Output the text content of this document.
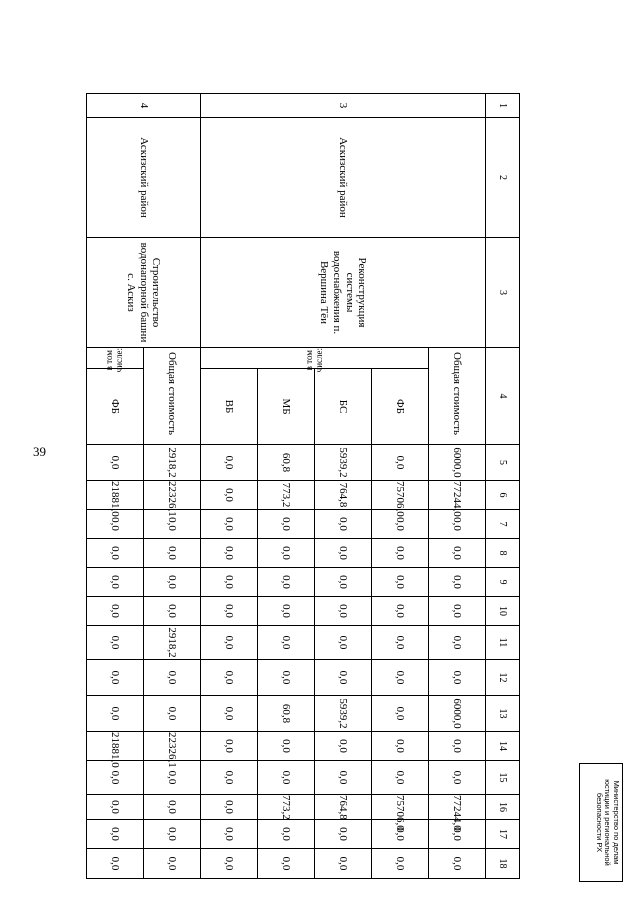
39
1	2	3	4		5	6	7	8	9	10	11	12	13	14	15	16	17	18
3	Аскизский район	Реконструкция системы водоснабжения п. Вершина Тёи	Общая стоимость		6000,0	77244,0	0,0	0,0	0,0	0,0	0,0	0,0	6000,0	0,0	0,0	77244,0	0,0	0,0
			в том числе:	ФБ	0,0	75706,0	0,0	0,0	0,0	0,0	0,0	0,0	0,0	0,0	0,0	75706,0	0,0	0,0
				БС	5939,2	764,8	0,0	0,0	0,0	0,0	0,0	0,0	5939,2	0,0	0,0	764,8	0,0	0,0
				МБ	60,8	773,2	0,0	0,0	0,0	0,0	0,0	0,0	60,8	0,0	0,0	773,2	0,0	0,0
				ВБ	0,0	0,0	0,0	0,0	0,0	0,0	0,0	0,0	0,0	0,0	0,0	0,0	0,0	0,0
4	Аскизский район	Строительство водонапорной башни с. Аскиз	Общая стоимость		2918,2	22326,1	0,0	0,0	0,0	0,0	2918,2	0,0	0,0	22326,1	0,0	0,0	0,0	0,0
			в том числе:	ФБ	0,0	21881,0	0,0	0,0	0,0	0,0	0,0	0,0	0,0	21881,0	0,0	0,0	0,0	0,0	Министерство по делам юстиции и региональной безопасности РХ
